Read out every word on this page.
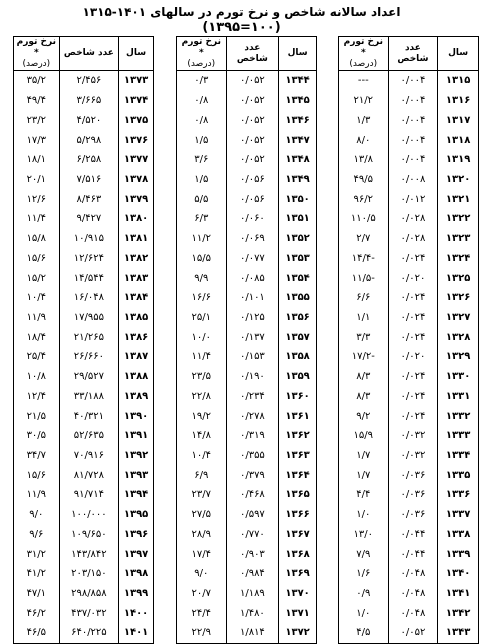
اعداد سالانه شاخص و نرخ تورم در سالهای ۱۴۰۱-۱۳۱۵
(۱۰۰=۱۳۹۵)
سال	عدد شاخص	نرخ تورم *
(درصد)

۱۳۱۵	۰/۰۰۴	---
۱۳۱۶	۰/۰۰۴	۲۱/۲
۱۳۱۷	۰/۰۰۴	۱/۳
۱۳۱۸	۰/۰۰۴	۸/۰
۱۳۱۹	۰/۰۰۴	۱۳/۸
۱۳۲۰	۰/۰۰۸	۴۹/۵
۱۳۲۱	۰/۰۱۲	۹۶/۲
۱۳۲۲	۰/۰۲۸	۱۱۰/۵
۱۳۲۳	۰/۰۲۸	۲/۷
۱۳۲۴	۰/۰۲۴	-۱۴/۴
۱۳۲۵	۰/۰۲۰	-۱۱/۵
۱۳۲۶	۰/۰۲۴	۶/۶
۱۳۲۷	۰/۰۲۴	۱/۱
۱۳۲۸	۰/۰۲۴	۳/۳
۱۳۲۹	۰/۰۲۰	-۱۷/۲
۱۳۳۰	۰/۰۲۴	۸/۳
۱۳۳۱	۰/۰۲۴	۸/۳
۱۳۳۲	۰/۰۲۴	۹/۲
۱۳۳۳	۰/۰۳۲	۱۵/۹
۱۳۳۴	۰/۰۳۲	۱/۷
۱۳۳۵	۰/۰۳۶	۱/۷
۱۳۳۶	۰/۰۳۶	۴/۴
۱۳۳۷	۰/۰۳۶	۱/۰
۱۳۳۸	۰/۰۴۴	۱۳/۰
۱۳۳۹	۰/۰۴۴	۷/۹
۱۳۴۰	۰/۰۴۸	۱/۶
۱۳۴۱	۰/۰۴۸	۰/۹
۱۳۴۲	۰/۰۴۸	۱/۰
۱۳۴۳	۰/۰۵۲	۴/۵
سال	عدد شاخص	نرخ تورم *
(درصد)

۱۳۴۴	۰/۰۵۲	۰/۳
۱۳۴۵	۰/۰۵۲	۰/۸
۱۳۴۶	۰/۰۵۲	۰/۸
۱۳۴۷	۰/۰۵۲	۱/۵
۱۳۴۸	۰/۰۵۲	۳/۶
۱۳۴۹	۰/۰۵۶	۱/۵
۱۳۵۰	۰/۰۵۶	۵/۵
۱۳۵۱	۰/۰۶۰	۶/۳
۱۳۵۲	۰/۰۶۹	۱۱/۲
۱۳۵۳	۰/۰۷۷	۱۵/۵
۱۳۵۴	۰/۰۸۵	۹/۹
۱۳۵۵	۰/۱۰۱	۱۶/۶
۱۳۵۶	۰/۱۲۵	۲۵/۱
۱۳۵۷	۰/۱۳۷	۱۰/۰
۱۳۵۸	۰/۱۵۳	۱۱/۴
۱۳۵۹	۰/۱۹۰	۲۳/۵
۱۳۶۰	۰/۲۳۴	۲۲/۸
۱۳۶۱	۰/۲۷۸	۱۹/۲
۱۳۶۲	۰/۳۱۹	۱۴/۸
۱۳۶۳	۰/۳۵۵	۱۰/۴
۱۳۶۴	۰/۳۷۹	۶/۹
۱۳۶۵	۰/۴۶۸	۲۳/۷
۱۳۶۶	۰/۵۹۷	۲۷/۵
۱۳۶۷	۰/۷۷۰	۲۸/۹
۱۳۶۸	۰/۹۰۳	۱۷/۴
۱۳۶۹	۰/۹۸۴	۹/۰
۱۳۷۰	۱/۱۸۹	۲۰/۷
۱۳۷۱	۱/۴۸۰	۲۴/۴
۱۳۷۲	۱/۸۱۴	۲۲/۹
سال	عدد شاخص	نرخ تورم *
(درصد)

۱۳۷۳	۲/۴۵۶	۳۵/۲
۱۳۷۴	۳/۶۶۵	۴۹/۴
۱۳۷۵	۴/۵۲۰	۲۳/۲
۱۳۷۶	۵/۲۹۸	۱۷/۳
۱۳۷۷	۶/۲۵۸	۱۸/۱
۱۳۷۸	۷/۵۱۶	۲۰/۱
۱۳۷۹	۸/۴۶۳	۱۲/۶
۱۳۸۰	۹/۴۲۷	۱۱/۴
۱۳۸۱	۱۰/۹۱۵	۱۵/۸
۱۳۸۲	۱۲/۶۲۴	۱۵/۶
۱۳۸۳	۱۴/۵۴۴	۱۵/۲
۱۳۸۴	۱۶/۰۴۸	۱۰/۴
۱۳۸۵	۱۷/۹۵۵	۱۱/۹
۱۳۸۶	۲۱/۲۶۵	۱۸/۴
۱۳۸۷	۲۶/۶۶۰	۲۵/۴
۱۳۸۸	۲۹/۵۲۷	۱۰/۸
۱۳۸۹	۳۳/۱۸۸	۱۲/۴
۱۳۹۰	۴۰/۳۲۱	۲۱/۵
۱۳۹۱	۵۲/۶۳۵	۳۰/۵
۱۳۹۲	۷۰/۹۱۶	۳۴/۷
۱۳۹۳	۸۱/۷۲۸	۱۵/۶
۱۳۹۴	۹۱/۷۱۴	۱۱/۹
۱۳۹۵	۱۰۰/۰۰۰	۹/۰
۱۳۹۶	۱۰۹/۶۵۰	۹/۶
۱۳۹۷	۱۴۳/۸۴۲	۳۱/۲
۱۳۹۸	۲۰۳/۱۵۰	۴۱/۲
۱۳۹۹	۲۹۸/۸۵۸	۴۷/۱
۱۴۰۰	۴۳۷/۰۳۲	۴۶/۲
۱۴۰۱	۶۴۰/۲۲۵	۴۶/۵
